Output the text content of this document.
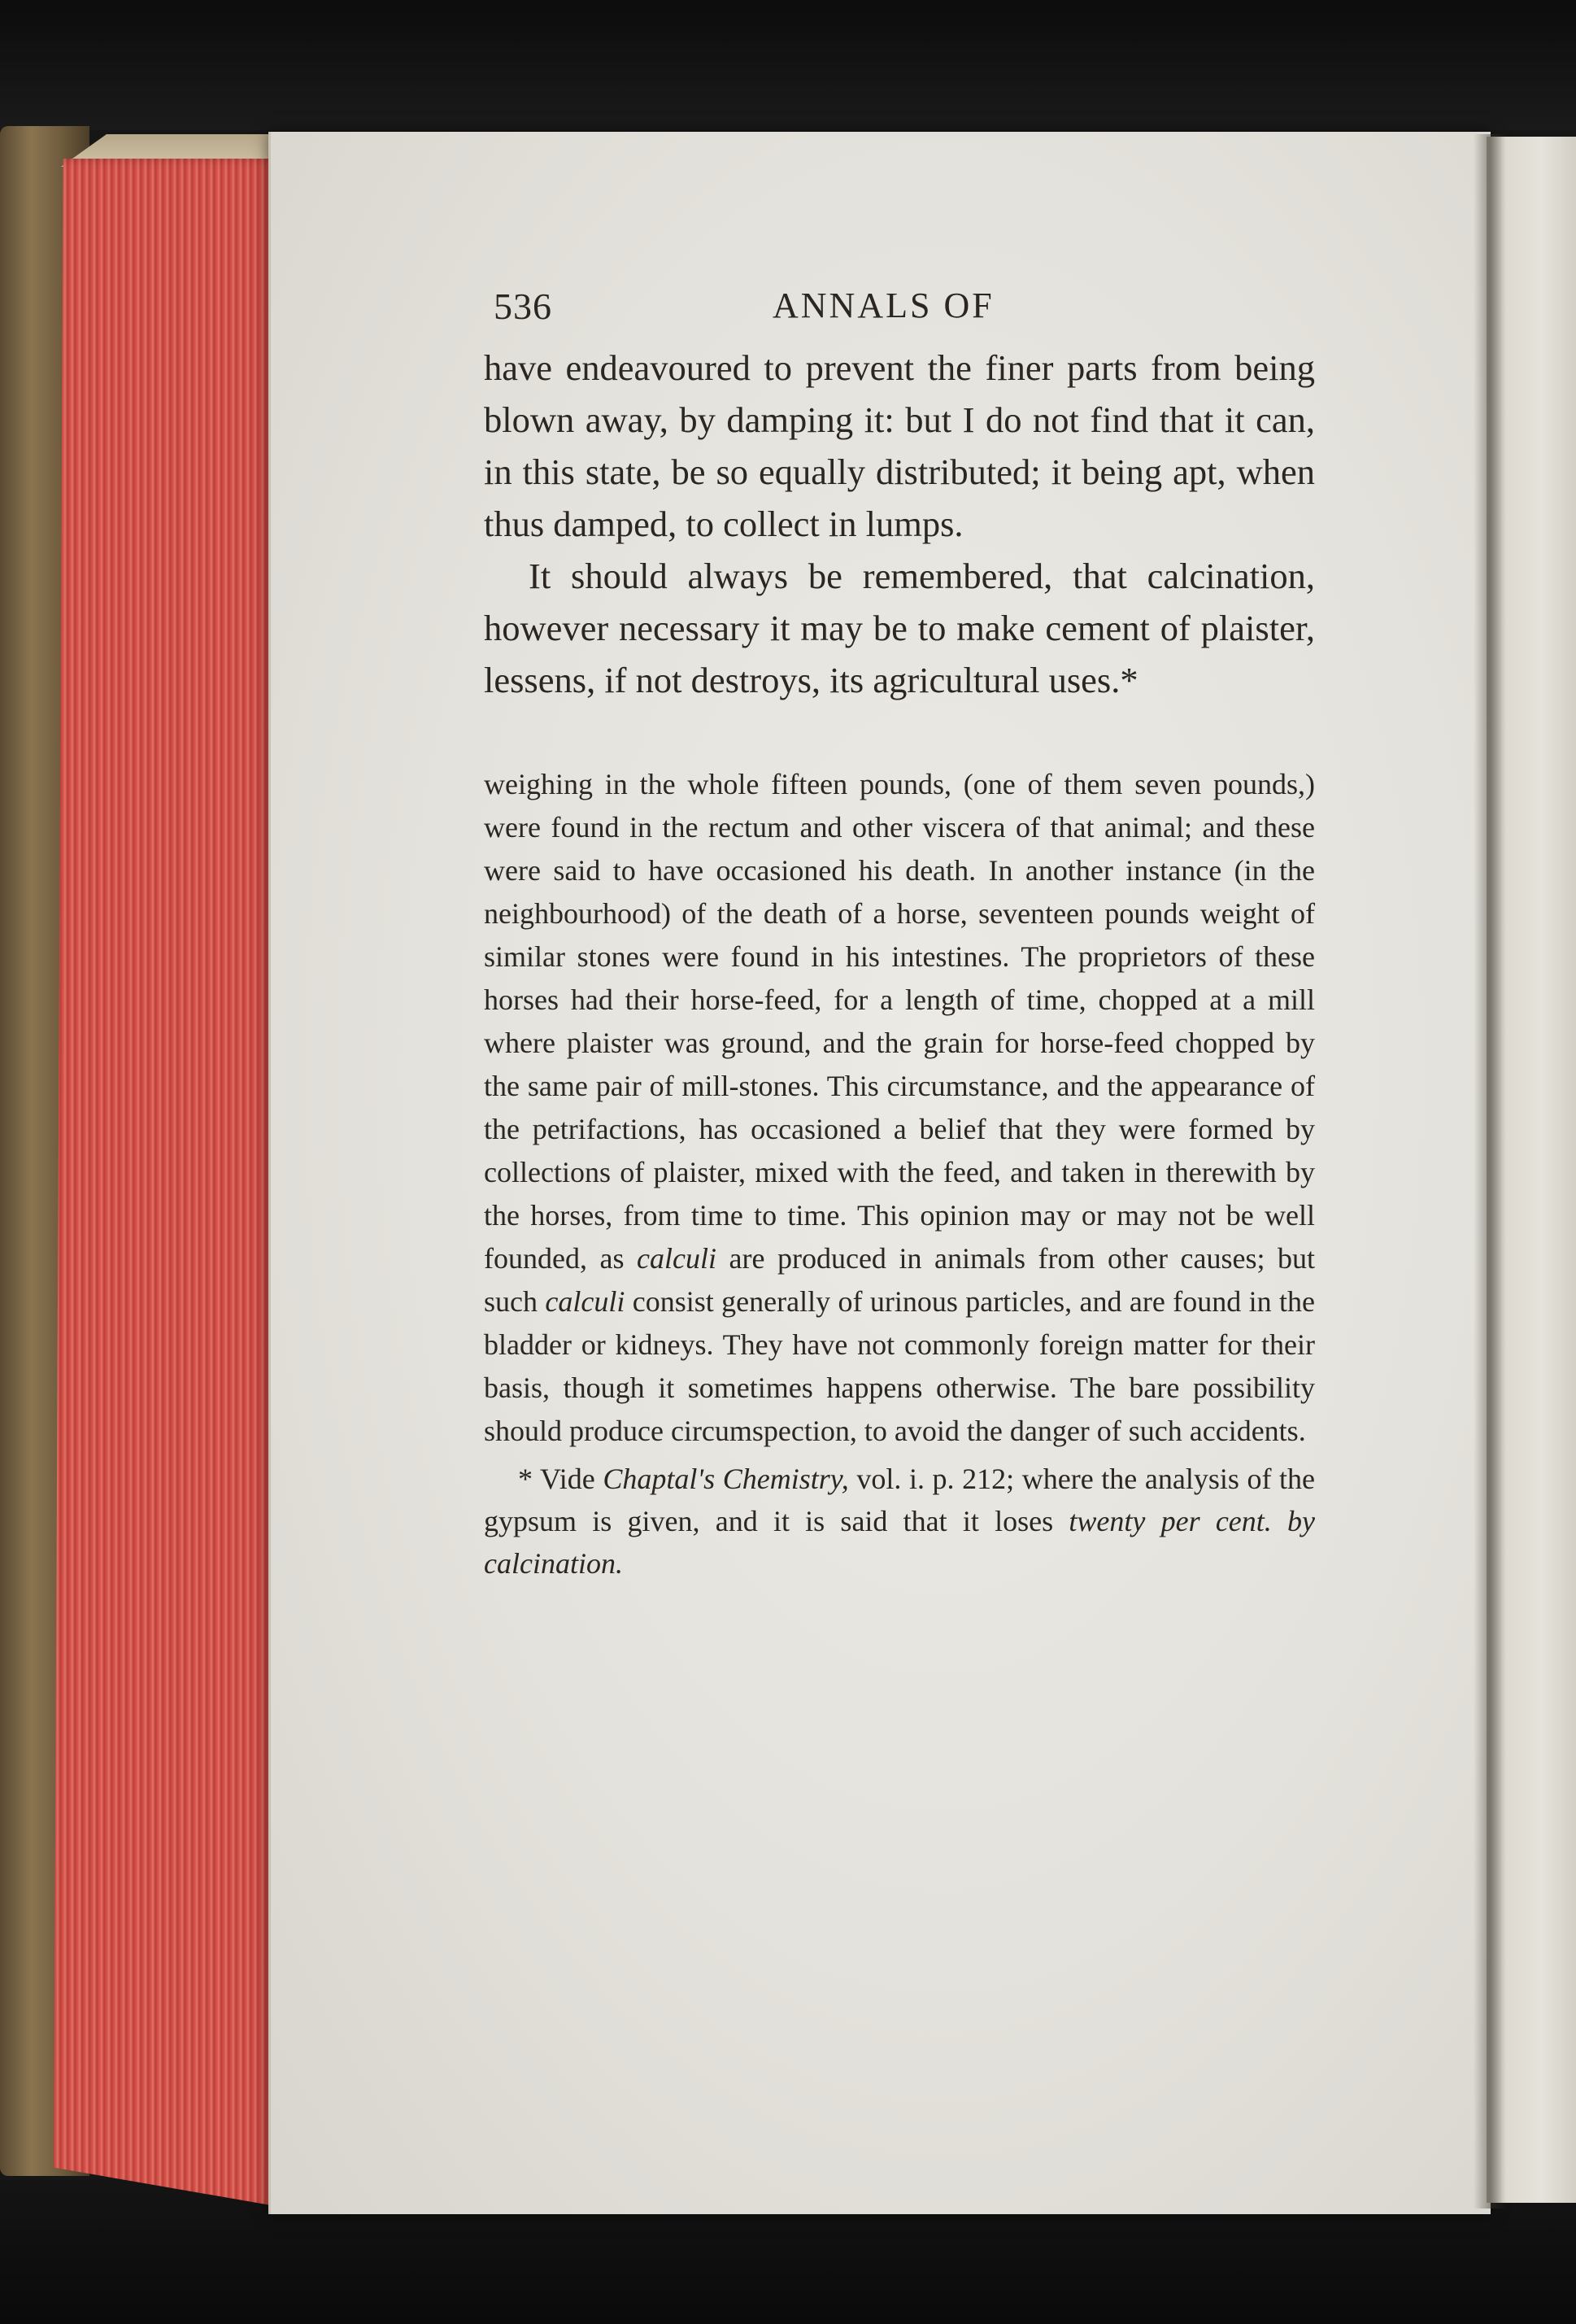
536	ANNALS OF

have endeavoured to prevent the finer parts from being blown away, by damping it: but I do not find that it can, in this state, be so equally distributed; it being apt, when thus damped, to collect in lumps.

It should always be remembered, that calcination, however necessary it may be to make cement of plaister, lessens, if not destroys, its agricultural uses.*

weighing in the whole fifteen pounds, (one of them seven pounds,) were found in the rectum and other viscera of that animal; and these were said to have occasioned his death. In another instance (in the neighbourhood) of the death of a horse, seventeen pounds weight of similar stones were found in his intestines. The proprietors of these horses had their horse-feed, for a length of time, chopped at a mill where plaister was ground, and the grain for horse-feed chopped by the same pair of mill-stones. This circumstance, and the appearance of the petrifactions, has occasioned a belief that they were formed by collections of plaister, mixed with the feed, and taken in therewith by the horses, from time to time. This opinion may or may not be well founded, as calculi are produced in animals from other causes; but such calculi consist generally of urinous particles, and are found in the bladder or kidneys. They have not commonly foreign matter for their basis, though it sometimes happens otherwise. The bare possibility should produce circumspection, to avoid the danger of such accidents.

* Vide Chaptal's Chemistry, vol. i. p. 212; where the analysis of the gypsum is given, and it is said that it loses twenty per cent. by calcination.
